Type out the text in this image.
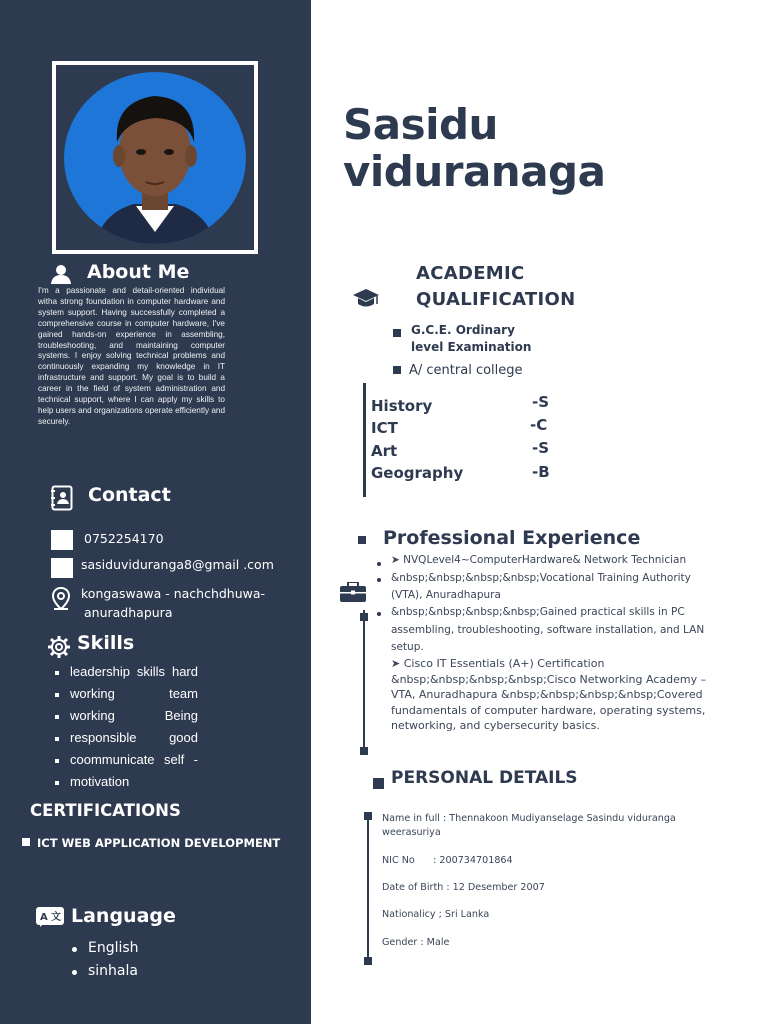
About Me
I'm a passionate and detail-oriented individual witha strong foundation in computer hardware and system support. Having successfully completed a comprehensive course in computer hardware, I've gained hands-on experience in assembling, troubleshooting, and maintaining computer systems. I enjoy solving technical problems and continuously expanding my knowledge in IT infrastructure and support. My goal is to build a career in the field of system administration and technical support, where I can apply my skills to help users and organizations operate efficiently and securely.
Contact
0752254170
sasiduviduranga8@gmail .com
kongaswawa - nachchdhuwa-
anuradhapura
Skills
leadership skills hard
working team
working Being
responsible good
coommunicate self -
motivation
CERTIFICATIONS
ICT WEB APPLICATION DEVELOPMENT
A 文 Language
English
sinhala
Sasidu
viduranaga
ACADEMIC
QUALIFICATION
G.C.E. Ordinary
level Examination
A/ central college
History	-S
ICT	-C
Art	-S
Geography	-B
Professional Experience
➤ NVQLevel4~ComputerHardware& Network Technician
&nbsp;&nbsp;&nbsp;&nbsp;Vocational Training Authority
(VTA), Anuradhapura
&nbsp;&nbsp;&nbsp;&nbsp;Gained practical skills in PC
assembling, troubleshooting, software installation, and LAN
setup.
➤ Cisco IT Essentials (A+) Certification &nbsp;&nbsp;&nbsp;&nbsp;Cisco Networking Academy – VTA, Anuradhapura &nbsp;&nbsp;&nbsp;&nbsp;Covered fundamentals of computer hardware, operating systems, networking, and cybersecurity basics.
PERSONAL DETAILS
Name in full : Thennakoon Mudiyanselage Sasindu viduranga weerasuriya
NIC No      : 200734701864
Date of Birth : 12 Desember 2007
Nationalicy ; Sri Lanka
Gender : Male
